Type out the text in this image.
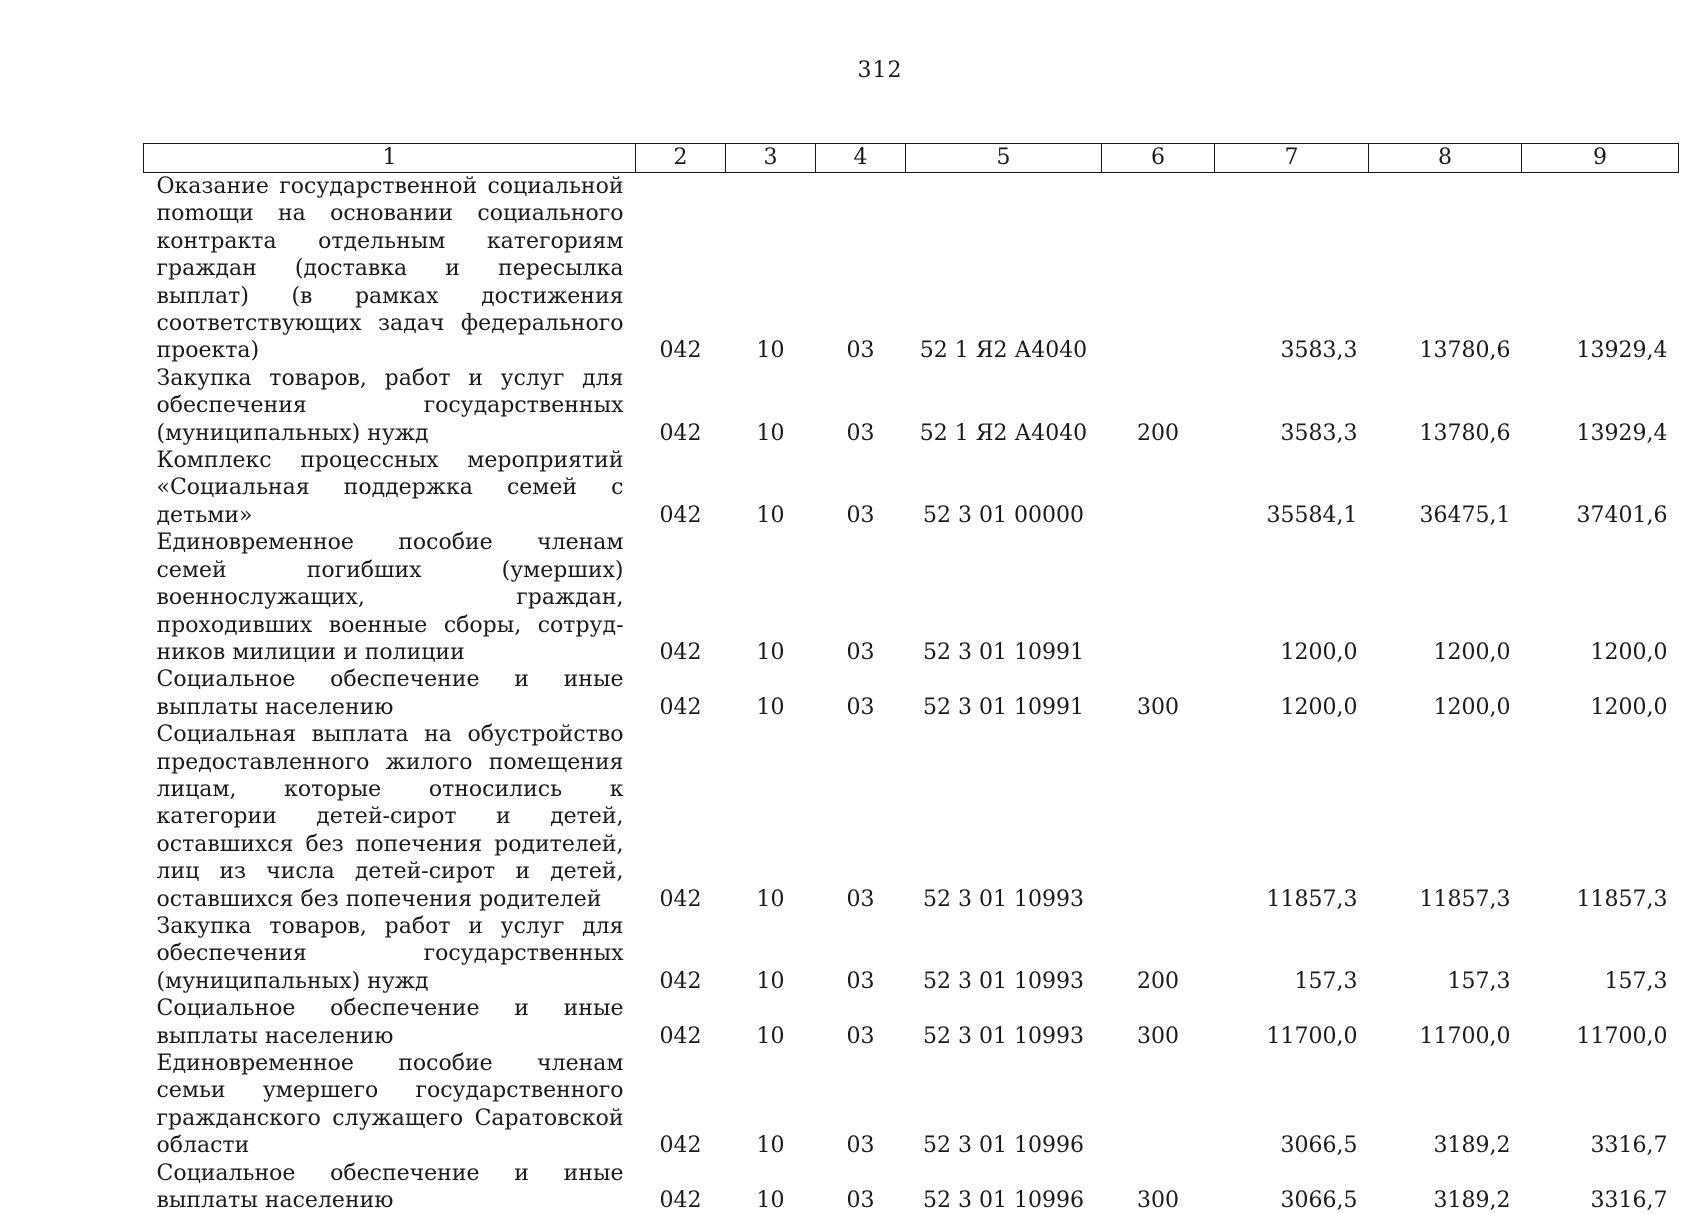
312
1	2	3	4	5	6	7	8	9
Оказание государственной социальной поmощи на основании социального контракта отдельным категориям граждан (доставка и пересылка выплат) (в рамках достижения соответствующих задач федерального проекта)	042	10	03	52 1 Я2 А4040		3583,3	13780,6	13929,4
Закупка товаров, работ и услуг для обеспечения государственных (муниципальных) нужд	042	10	03	52 1 Я2 А4040	200	3583,3	13780,6	13929,4
Комплекс процессных мероприятий «Социальная поддержка семей с детьми»	042	10	03	52 3 01 00000		35584,1	36475,1	37401,6
Единовременное пособие членам семей погибших (умерших) военнослужащих, граждан, проходивших военные сборы, сотрудников милиции и полиции	042	10	03	52 3 01 10991		1200,0	1200,0	1200,0
Социальное обеспечение и иные выплаты населению	042	10	03	52 3 01 10991	300	1200,0	1200,0	1200,0
Социальная выплата на обустройство предоставленного жилого помещения лицам, которые относились к категории детей-сирот и детей, оставшихся без попечения родителей, лиц из числа детей-сирот и детей, оставшихся без попечения родителей	042	10	03	52 3 01 10993		11857,3	11857,3	11857,3
Закупка товаров, работ и услуг для обеспечения государственных (муниципальных) нужд	042	10	03	52 3 01 10993	200	157,3	157,3	157,3
Социальное обеспечение и иные выплаты населению	042	10	03	52 3 01 10993	300	11700,0	11700,0	11700,0
Единовременное пособие членам семьи умершего государственного гражданского служащего Саратовской области	042	10	03	52 3 01 10996		3066,5	3189,2	3316,7
Социальное обеспечение и иные выплаты населению	042	10	03	52 3 01 10996	300	3066,5	3189,2	3316,7
